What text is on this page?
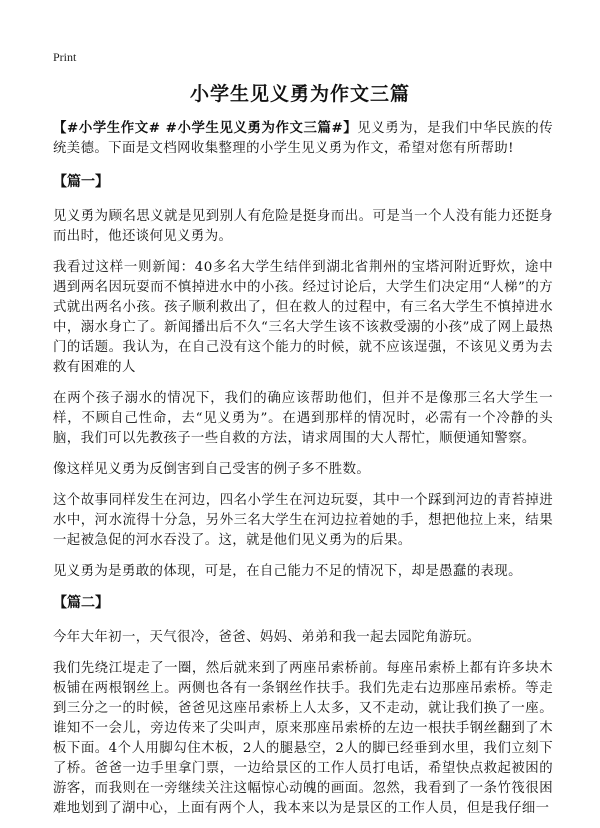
Print
小学生见义勇为作文三篇

【#小学生作文# #小学生见义勇为作文三篇#】见义勇为，是我们中华民族的传统美德。下面是文档网收集整理的小学生见义勇为作文，希望对您有所帮助!

【篇一】

见义勇为顾名思义就是见到别人有危险是挺身而出。可是当一个人没有能力还挺身而出时，他还谈何见义勇为。

我看过这样一则新闻：40多名大学生结伴到湖北省荆州的宝塔河附近野炊，途中遇到两名因玩耍而不慎掉进水中的小孩。经过讨论后，大学生们决定用“人梯”的方式就出两名小孩。孩子顺利救出了，但在救人的过程中，有三名大学生不慎掉进水中，溺水身亡了。新闻播出后不久“三名大学生该不该救受溺的小孩”成了网上最热门的话题。我认为，在自己没有这个能力的时候，就不应该逞强，不该见义勇为去救有困难的人

在两个孩子溺水的情况下，我们的确应该帮助他们，但并不是像那三名大学生一样，不顾自己性命，去“见义勇为”。在遇到那样的情况时，必需有一个冷静的头脑，我们可以先教孩子一些自救的方法，请求周围的大人帮忙，顺便通知警察。

像这样见义勇为反倒害到自己受害的例子多不胜数。

这个故事同样发生在河边，四名小学生在河边玩耍，其中一个踩到河边的青苔掉进水中，河水流得十分急，另外三名大学生在河边拉着她的手，想把他拉上来，结果一起被急促的河水吞没了。这，就是他们见义勇为的后果。

见义勇为是勇敢的体现，可是，在自己能力不足的情况下，却是愚蠢的表现。

【篇二】

今年大年初一，天气很冷，爸爸、妈妈、弟弟和我一起去园陀角游玩。

我们先绕江堤走了一圈，然后就来到了两座吊索桥前。每座吊索桥上都有许多块木板铺在两根钢丝上。两侧也各有一条钢丝作扶手。我们先走右边那座吊索桥。等走到三分之一的时候，爸爸见这座吊索桥上人太多，又不走动，就让我们换了一座。谁知不一会儿，旁边传来了尖叫声，原来那座吊索桥的左边一根扶手钢丝翻到了木板下面。4个人用脚勾住木板，2人的腿悬空，2人的脚已经垂到水里，我们立刻下了桥。爸爸一边手里拿门票，一边给景区的工作人员打电话，希望快点救起被困的游客，而我则在一旁继续关注这幅惊心动魄的画面。忽然，我看到了一条竹筏很困难地划到了湖中心，上面有两个人，我本来以为是景区的工作人员，但是我仔细一
